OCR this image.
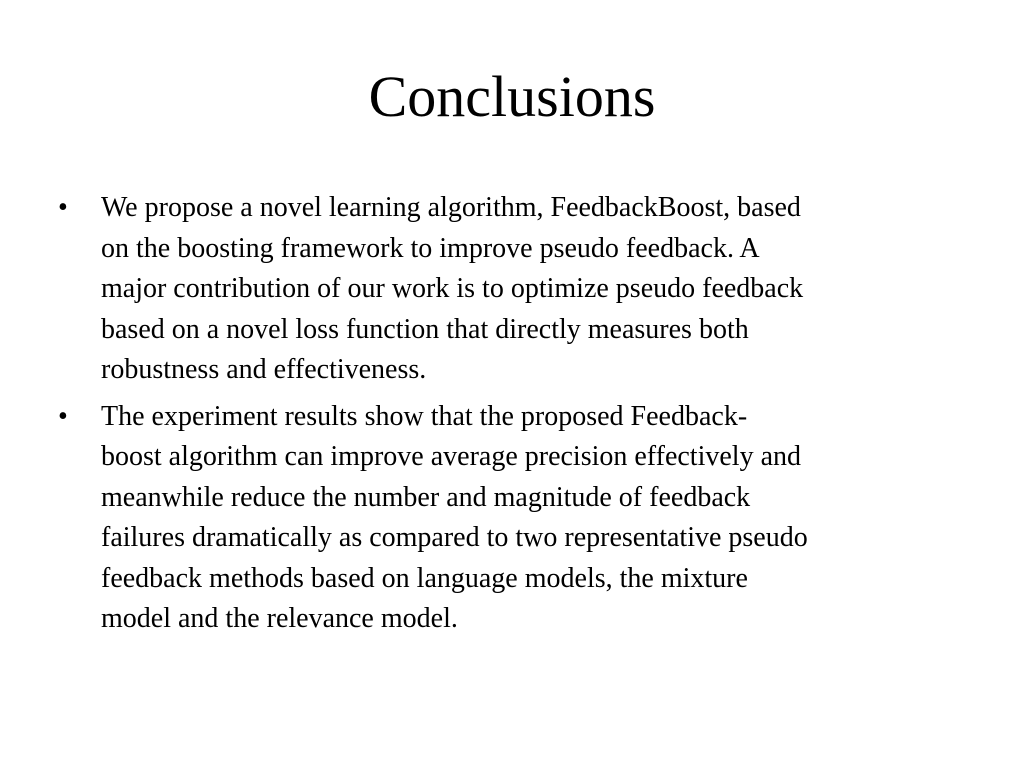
Conclusions
•	We propose a novel learning algorithm, FeedbackBoost, based
on the boosting framework to improve pseudo feedback. A
major contribution of our work is to optimize pseudo feedback
based on a novel loss function that directly measures both
robustness and effectiveness.
•	The experiment results show that the proposed Feedback-
boost algorithm can improve average precision effectively and
meanwhile reduce the number and magnitude of feedback
failures dramatically as compared to two representative pseudo
feedback methods based on language models, the mixture
model and the relevance model.
